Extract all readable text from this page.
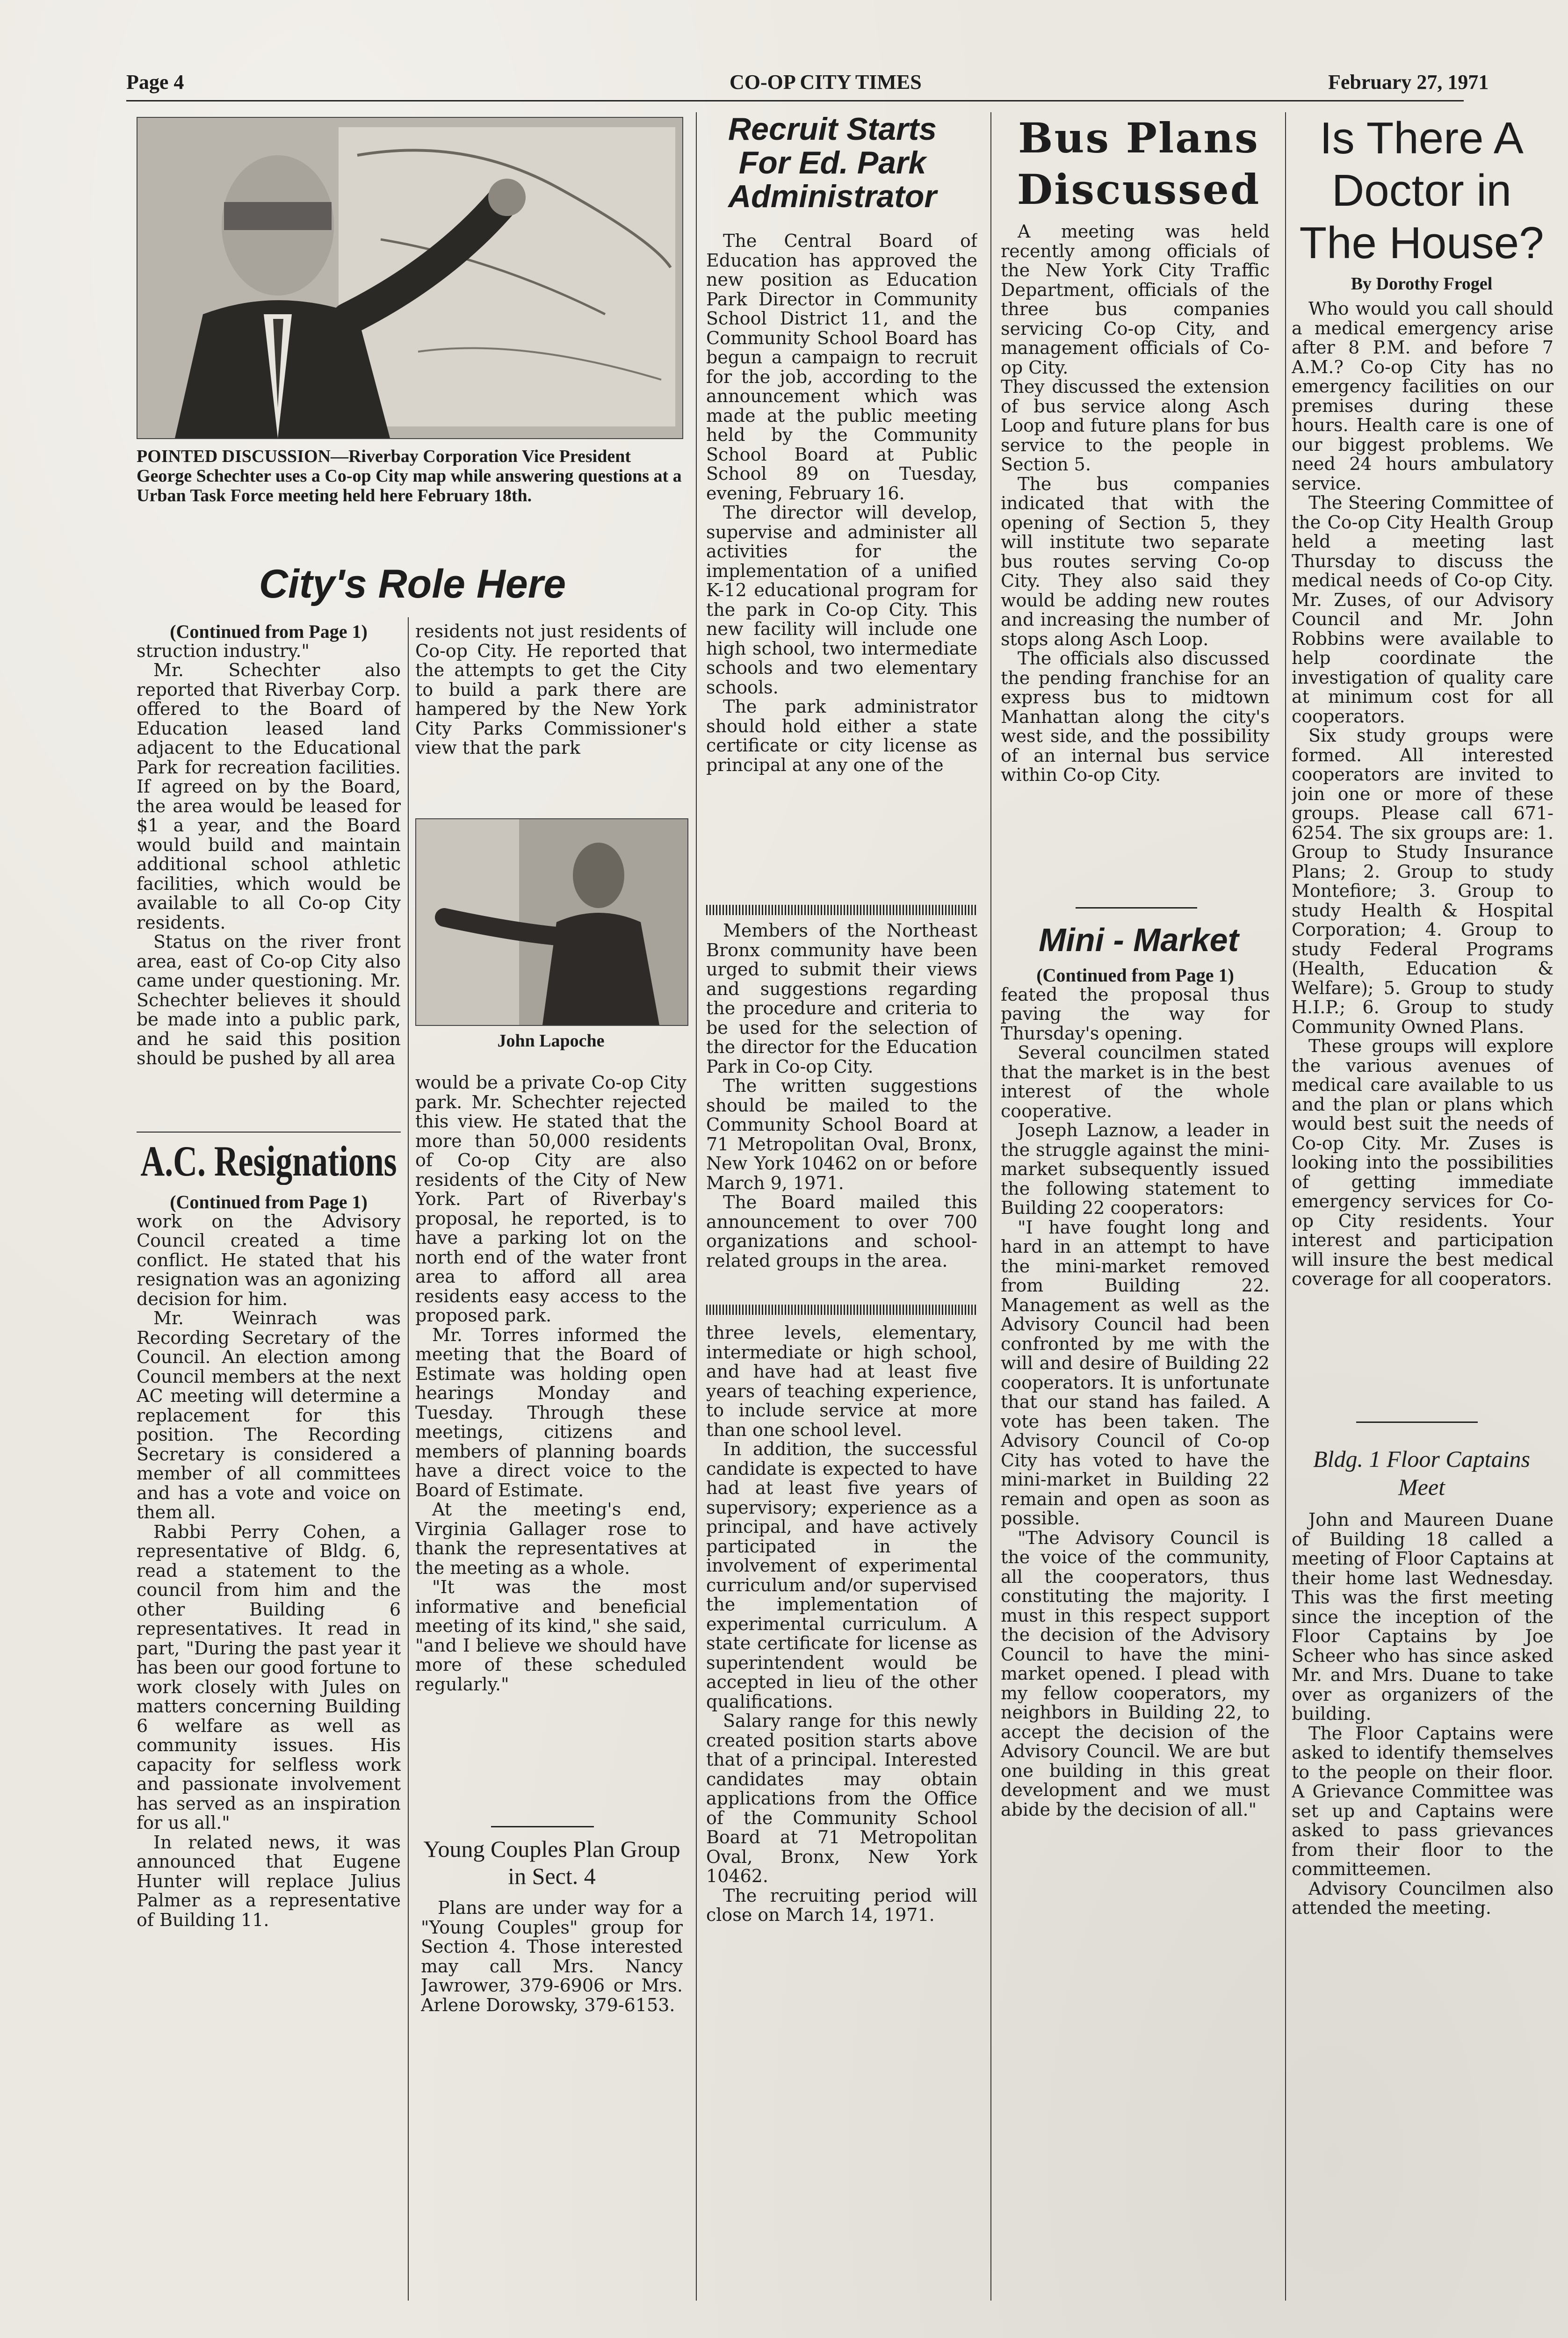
Page 4	CO-OP CITY TIMES	February 27, 1971

POINTED DISCUSSION—Riverbay Corporation Vice President George Schechter uses a Co-op City map while answering questions at a Urban Task Force meeting held here February 18th.

City's Role Here

(Continued from Page 1)

struction industry."

Mr. Schechter also reported that Riverbay Corp. offered to the Board of Education leased land adjacent to the Educational Park for recreation facilities. If agreed on by the Board, the area would be leased for $1 a year, and the Board would build and maintain additional school athletic facilities, which would be available to all Co-op City residents.

Status on the river front area, east of Co-op City also came under questioning. Mr. Schechter believes it should be made into a public park, and he said this position should be pushed by all area

residents not just residents of Co-op City. He reported that the attempts to get the City to build a park there are hampered by the New York City Parks Commissioner's view that the park

John Lapoche

would be a private Co-op City park. Mr. Schechter rejected this view. He stated that the more than 50,000 residents of Co-op City are also residents of the City of New York. Part of Riverbay's proposal, he reported, is to have a parking lot on the north end of the water front area to afford all area residents easy access to the proposed park.

Mr. Torres informed the meeting that the Board of Estimate was holding open hearings Monday and Tuesday. Through these meetings, citizens and members of planning boards have a direct voice to the Board of Estimate.

At the meeting's end, Virginia Gallager rose to thank the representatives at the meeting as a whole.

"It was the most informative and beneficial meeting of its kind," she said, "and I believe we should have more of these scheduled regularly."

A.C. Resignations

(Continued from Page 1)

work on the Advisory Council created a time conflict. He stated that his resignation was an agonizing decision for him.

Mr. Weinrach was Recording Secretary of the Council. An election among Council members at the next AC meeting will determine a replacement for this position. The Recording Secretary is considered a member of all committees and has a vote and voice on them all.

Rabbi Perry Cohen, a representative of Bldg. 6, read a statement to the council from him and the other Building 6 representatives. It read in part, "During the past year it has been our good fortune to work closely with Jules on matters concerning Building 6 welfare as well as community issues. His capacity for selfless work and passionate involvement has served as an inspiration for us all."

In related news, it was announced that Eugene Hunter will replace Julius Palmer as a representative of Building 11.

Young Couples Plan Group in Sect. 4

Plans are under way for a "Young Couples" group for Section 4. Those interested may call Mrs. Nancy Jawrower, 379-6906 or Mrs. Arlene Dorowsky, 379-6153.

Recruit Starts For Ed. Park Administrator

The Central Board of Education has approved the new position as Education Park Director in Community School District 11, and the Community School Board has begun a campaign to recruit for the job, according to the announcement which was made at the public meeting held by the Community School Board at Public School 89 on Tuesday, evening, February 16.

The director will develop, supervise and administer all activities for the implementation of a unified K-12 educational program for the park in Co-op City. This new facility will include one high school, two intermediate schools and two elementary schools.

The park administrator should hold either a state certificate or city license as principal at any one of the

Members of the Northeast Bronx community have been urged to submit their views and suggestions regarding the procedure and criteria to be used for the selection of the director for the Education Park in Co-op City.

The written suggestions should be mailed to the Community School Board at 71 Metropolitan Oval, Bronx, New York 10462 on or before March 9, 1971.

The Board mailed this announcement to over 700 organizations and school-related groups in the area.

three levels, elementary, intermediate or high school, and have had at least five years of teaching experience, to include service at more than one school level.

In addition, the successful candidate is expected to have had at least five years of supervisory; experience as a principal, and have actively participated in the involvement of experimental curriculum and/or supervised the implementation of experimental curriculum. A state certificate for license as superintendent would be accepted in lieu of the other qualifications.

Salary range for this newly created position starts above that of a principal. Interested candidates may obtain applications from the Office of the Community School Board at 71 Metropolitan Oval, Bronx, New York 10462.

The recruiting period will close on March 14, 1971.

Bus Plans Discussed

A meeting was held recently among officials of the New York City Traffic Department, officials of the three bus companies servicing Co-op City, and management officials of Co-op City.

They discussed the extension of bus service along Asch Loop and future plans for bus service to the people in Section 5.

The bus companies indicated that with the opening of Section 5, they will institute two separate bus routes serving Co-op City. They also said they would be adding new routes and increasing the number of stops along Asch Loop.

The officials also discussed the pending franchise for an express bus to midtown Manhattan along the city's west side, and the possibility of an internal bus service within Co-op City.

Mini - Market

(Continued from Page 1)

feated the proposal thus paving the way for Thursday's opening.

Several councilmen stated that the market is in the best interest of the whole cooperative.

Joseph Laznow, a leader in the struggle against the mini-market subsequently issued the following statement to Building 22 cooperators:

"I have fought long and hard in an attempt to have the mini-market removed from Building 22. Management as well as the Advisory Council had been confronted by me with the will and desire of Building 22 cooperators. It is unfortunate that our stand has failed. A vote has been taken. The Advisory Council of Co-op City has voted to have the mini-market in Building 22 remain and open as soon as possible.

"The Advisory Council is the voice of the community, all the cooperators, thus constituting the majority. I must in this respect support the decision of the Advisory Council to have the mini-market opened. I plead with my fellow cooperators, my neighbors in Building 22, to accept the decision of the Advisory Council. We are but one building in this great development and we must abide by the decision of all."

Is There A Doctor in The House?
By Dorothy Frogel

Who would you call should a medical emergency arise after 8 P.M. and before 7 A.M.? Co-op City has no emergency facilities on our premises during these hours. Health care is one of our biggest problems. We need 24 hours ambulatory service.

The Steering Committee of the Co-op City Health Group held a meeting last Thursday to discuss the medical needs of Co-op City. Mr. Zuses, of our Advisory Council and Mr. John Robbins were available to help coordinate the investigation of quality care at minimum cost for all cooperators.

Six study groups were formed. All interested cooperators are invited to join one or more of these groups. Please call 671-6254. The six groups are: 1. Group to Study Insurance Plans; 2. Group to study Montefiore; 3. Group to study Health & Hospital Corporation; 4. Group to study Federal Programs (Health, Education & Welfare); 5. Group to study H.I.P.; 6. Group to study Community Owned Plans.

These groups will explore the various avenues of medical care available to us and the plan or plans which would best suit the needs of Co-op City. Mr. Zuses is looking into the possibilities of getting immediate emergency services for Co-op City residents. Your interest and participation will insure the best medical coverage for all cooperators.

Bldg. 1 Floor Captains Meet

John and Maureen Duane of Building 18 called a meeting of Floor Captains at their home last Wednesday. This was the first meeting since the inception of the Floor Captains by Joe Scheer who has since asked Mr. and Mrs. Duane to take over as organizers of the building.

The Floor Captains were asked to identify themselves to the people on their floor. A Grievance Committee was set up and Captains were asked to pass grievances from their floor to the committeemen.

Advisory Councilmen also attended the meeting.
